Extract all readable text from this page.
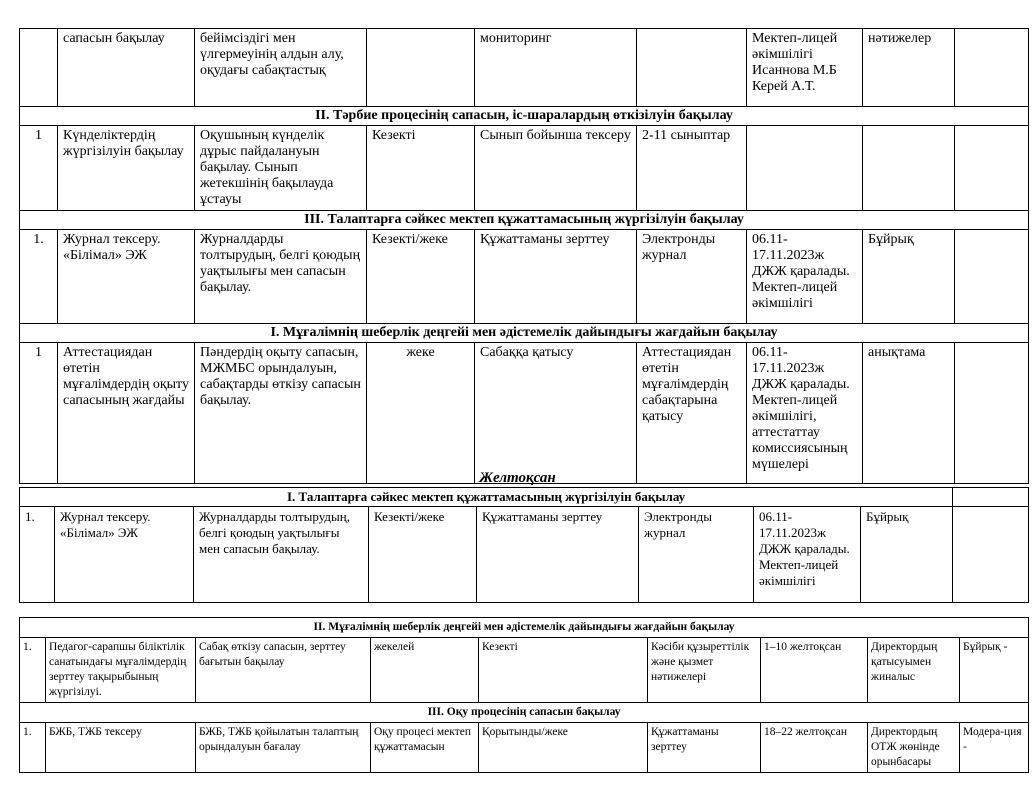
	сапасын бақылау	бейімсіздігі мен үлгермеуінің алдын алу, оқудағы сабақтастық		мониторинг		Мектеп-лицей әкімшілігі Исаннова М.Б Керей А.Т.	нәтижелер	
II. Тәрбие процесінің сапасын, іс-шаралардың өткізілуін бақылау								
1	Күнделіктердің жүргізілуін бақылау	Оқушының күнделік дұрыс пайдалануын бақылау. Сынып жетекшінің бақылауда ұстауы	Кезекті	Сынып бойынша тексеру	2-11 сыныптар			
III. Талаптарға сәйкес мектеп құжаттамасының жүргізілуін бақылау								
1.	Журнал тексеру. «Білімал» ЭЖ	Журналдарды толтырудың, белгі қоюдың уақтылығы мен сапасын бақылау.	Кезекті/жеке	Құжаттаманы зерттеу	Электронды журнал	06.11-17.11.2023ж ДЖЖ қаралады. Мектеп-лицей әкімшілігі	Бұйрық	
I. Мұғалімнің шеберлік деңгейі мен әдістемелік дайындығы жағдайын бақылау								
1	Аттестациядан өтетін мұғалімдердің оқыту сапасының жағдайы	Пәндердің оқыту сапасын, МЖМБС орындалуын, сабақтарды өткізу сапасын бақылау.	жеке	Сабаққа қатысу	Аттестациядан өтетін мұғалімдердің сабақтарына қатысу	06.11-17.11.2023ж ДЖЖ қаралады. Мектеп-лицей әкімшілігі, аттестаттау комиссиясының мүшелері	анықтама	
Желтоқсан
I. Талаптарға сәйкес мектеп құжаттамасының жүргізілуін бақылау								
1.	Журнал тексеру. «Білімал» ЭЖ	Журналдарды толтырудың, белгі қоюдың уақтылығы мен сапасын бақылау.	Кезекті/жеке	Құжаттаманы зерттеу	Электронды журнал	06.11-17.11.2023ж ДЖЖ қаралады. Мектеп-лицей әкімшілігі	Бұйрық	
II. Мұғалімнің шеберлік деңгейі мен әдістемелік дайындығы жағдайын бақылау								
1.	Педагог-сарапшы біліктілік санатындағы мұғалімдердің зерттеу тақырыбының жүргізілуі.	Сабақ өткізу сапасын, зерттеу бағытын бақылау	жекелей	Кезекті	Кәсіби құзыреттілік және қызмет нәтижелері	1–10 желтоқсан	Директордың қатысуымен жиналыс	Бұйрық -
III. Оқу процесінің сапасын бақылау								
1.	БЖБ, ТЖБ тексеру	БЖБ, ТЖБ қойылатын талаптың орындалуын бағалау	Оқу процесі мектеп құжаттамасын	Қорытынды/жеке	Құжаттаманы зерттеу	18–22 желтоқсан	Директордың ОТЖ жөнінде орынбасары	Модера-ция -
